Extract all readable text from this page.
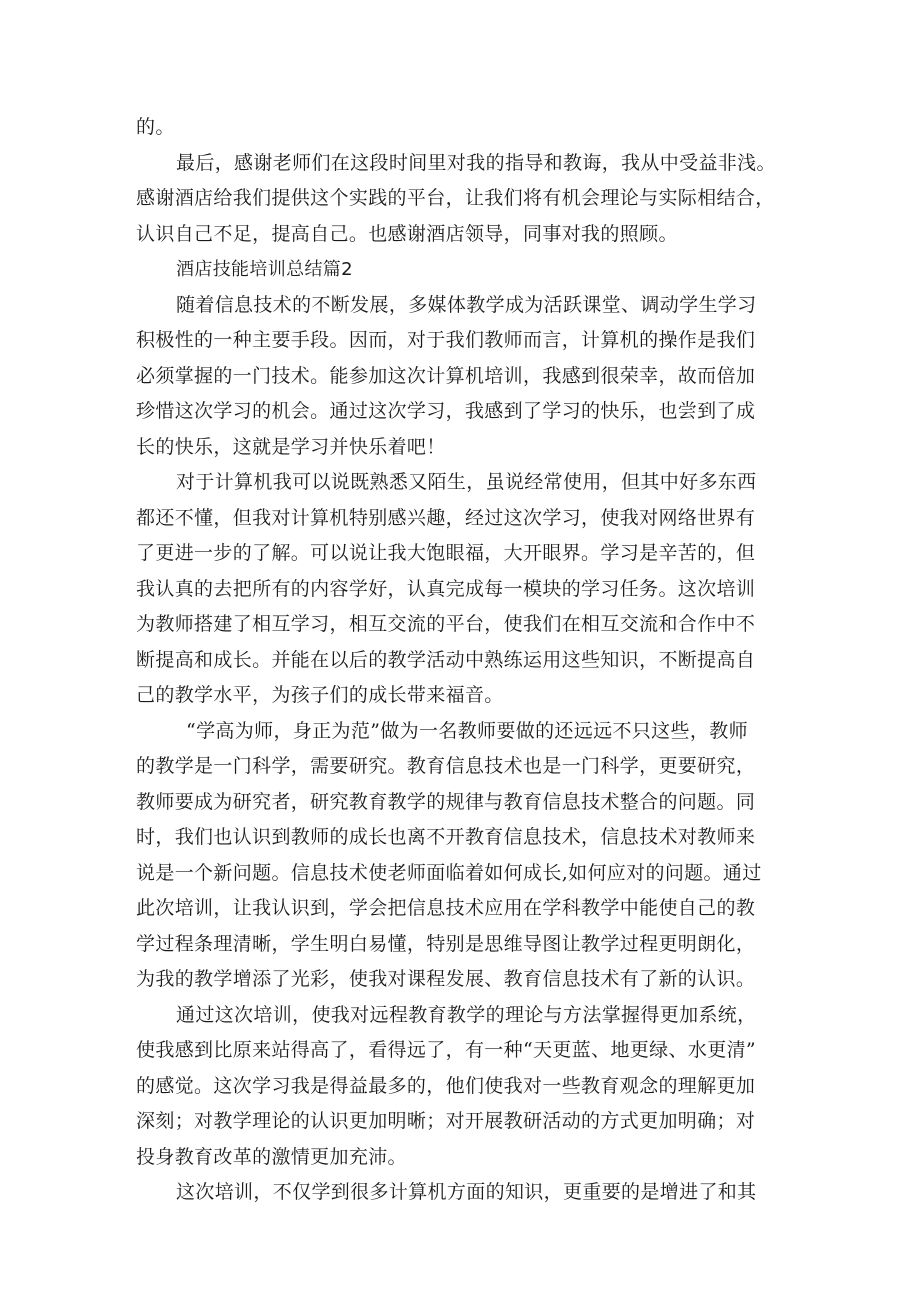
的。
最后，感谢老师们在这段时间里对我的指导和教诲，我从中受益非浅。
感谢酒店给我们提供这个实践的平台，让我们将有机会理论与实际相结合，
认识自己不足，提高自己。也感谢酒店领导，同事对我的照顾。
酒店技能培训总结篇2
随着信息技术的不断发展，多媒体教学成为活跃课堂、调动学生学习
积极性的一种主要手段。因而，对于我们教师而言，计算机的操作是我们
必须掌握的一门技术。能参加这次计算机培训，我感到很荣幸，故而倍加
珍惜这次学习的机会。通过这次学习，我感到了学习的快乐，也尝到了成
长的快乐，这就是学习并快乐着吧！
对于计算机我可以说既熟悉又陌生，虽说经常使用，但其中好多东西
都还不懂，但我对计算机特别感兴趣，经过这次学习，使我对网络世界有
了更进一步的了解。可以说让我大饱眼福，大开眼界。学习是辛苦的，但
我认真的去把所有的内容学好，认真完成每一模块的学习任务。这次培训
为教师搭建了相互学习，相互交流的平台，使我们在相互交流和合作中不
断提高和成长。并能在以后的教学活动中熟练运用这些知识，不断提高自
己的教学水平，为孩子们的成长带来福音。
“学高为师，身正为范”做为一名教师要做的还远远不只这些，教师
的教学是一门科学，需要研究。教育信息技术也是一门科学，更要研究，
教师要成为研究者，研究教育教学的规律与教育信息技术整合的问题。同
时，我们也认识到教师的成长也离不开教育信息技术，信息技术对教师来
说是一个新问题。信息技术使老师面临着如何成长,如何应对的问题。通过
此次培训，让我认识到，学会把信息技术应用在学科教学中能使自己的教
学过程条理清晰，学生明白易懂，特别是思维导图让教学过程更明朗化，
为我的教学增添了光彩，使我对课程发展、教育信息技术有了新的认识。
通过这次培训，使我对远程教育教学的理论与方法掌握得更加系统，
使我感到比原来站得高了，看得远了，有一种“天更蓝、地更绿、水更清”
的感觉。这次学习我是得益最多的，他们使我对一些教育观念的理解更加
深刻；对教学理论的认识更加明晰；对开展教研活动的方式更加明确；对
投身教育改革的激情更加充沛。
这次培训，不仅学到很多计算机方面的知识，更重要的是增进了和其
